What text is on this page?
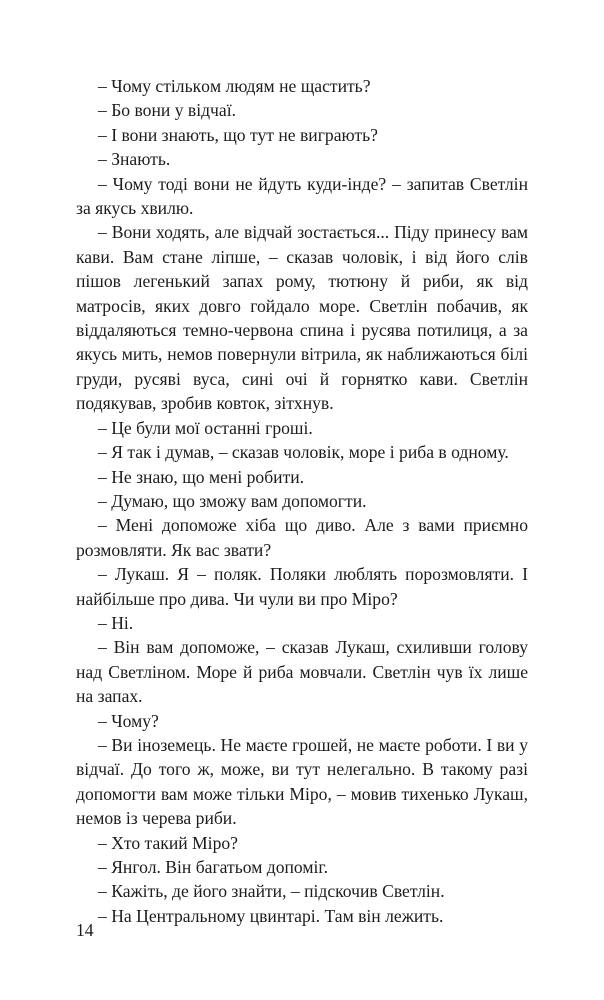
– Чому стількoм людям не щастить?

– Бо вони у відчаї.

– І вони знають, що тут не виграють?

– Знають.

– Чому тоді вони не йдуть куди-інде? – запитав Светлін за якусь хвилю.

– Вони ходять, але відчай зостається... Піду принесу вам кави. Вам стане ліпше, – сказав чоловік, і від його слів пішов легенький запах рому, тютюну й риби, як від матросів, яких довго гойдало море. Светлін побачив, як віддаляються темно-червона спина і русява потилиця, а за якусь мить, немов повернули вітрила, як наближаються білі груди, русяві вуса, сині очі й горнятко кави. Светлін подякував, зробив ковток, зітхнув.

– Це були мої останні гроші.

– Я так і думав, – сказав чоловік, море і риба в одному.

– Не знаю, що мені робити.

– Думаю, що зможу вам допомогти.

– Мені допоможе хіба що диво. Але з вами приємно розмовляти. Як вас звати?

– Лукаш. Я – поляк. Поляки люблять порозмовляти. І найбільше про дива. Чи чули ви про Міро?

– Ні.

– Він вам допоможе, – сказав Лукаш, схиливши голову над Светліном. Море й риба мовчали. Светлін чув їх лише на запах.

– Чому?

– Ви іноземець. Не маєте грошей, не маєте роботи. І ви у відчаї. До того ж, може, ви тут нелегально. В такому разі допомогти вам може тільки Міро, – мовив тихенько Лукаш, немов із черева риби.

– Хто такий Міро?

– Янгол. Він багатьом допоміг.

– Кажіть, де його знайти, – підскочив Светлін.

– На Центральному цвинтарі. Там він лежить.

14
